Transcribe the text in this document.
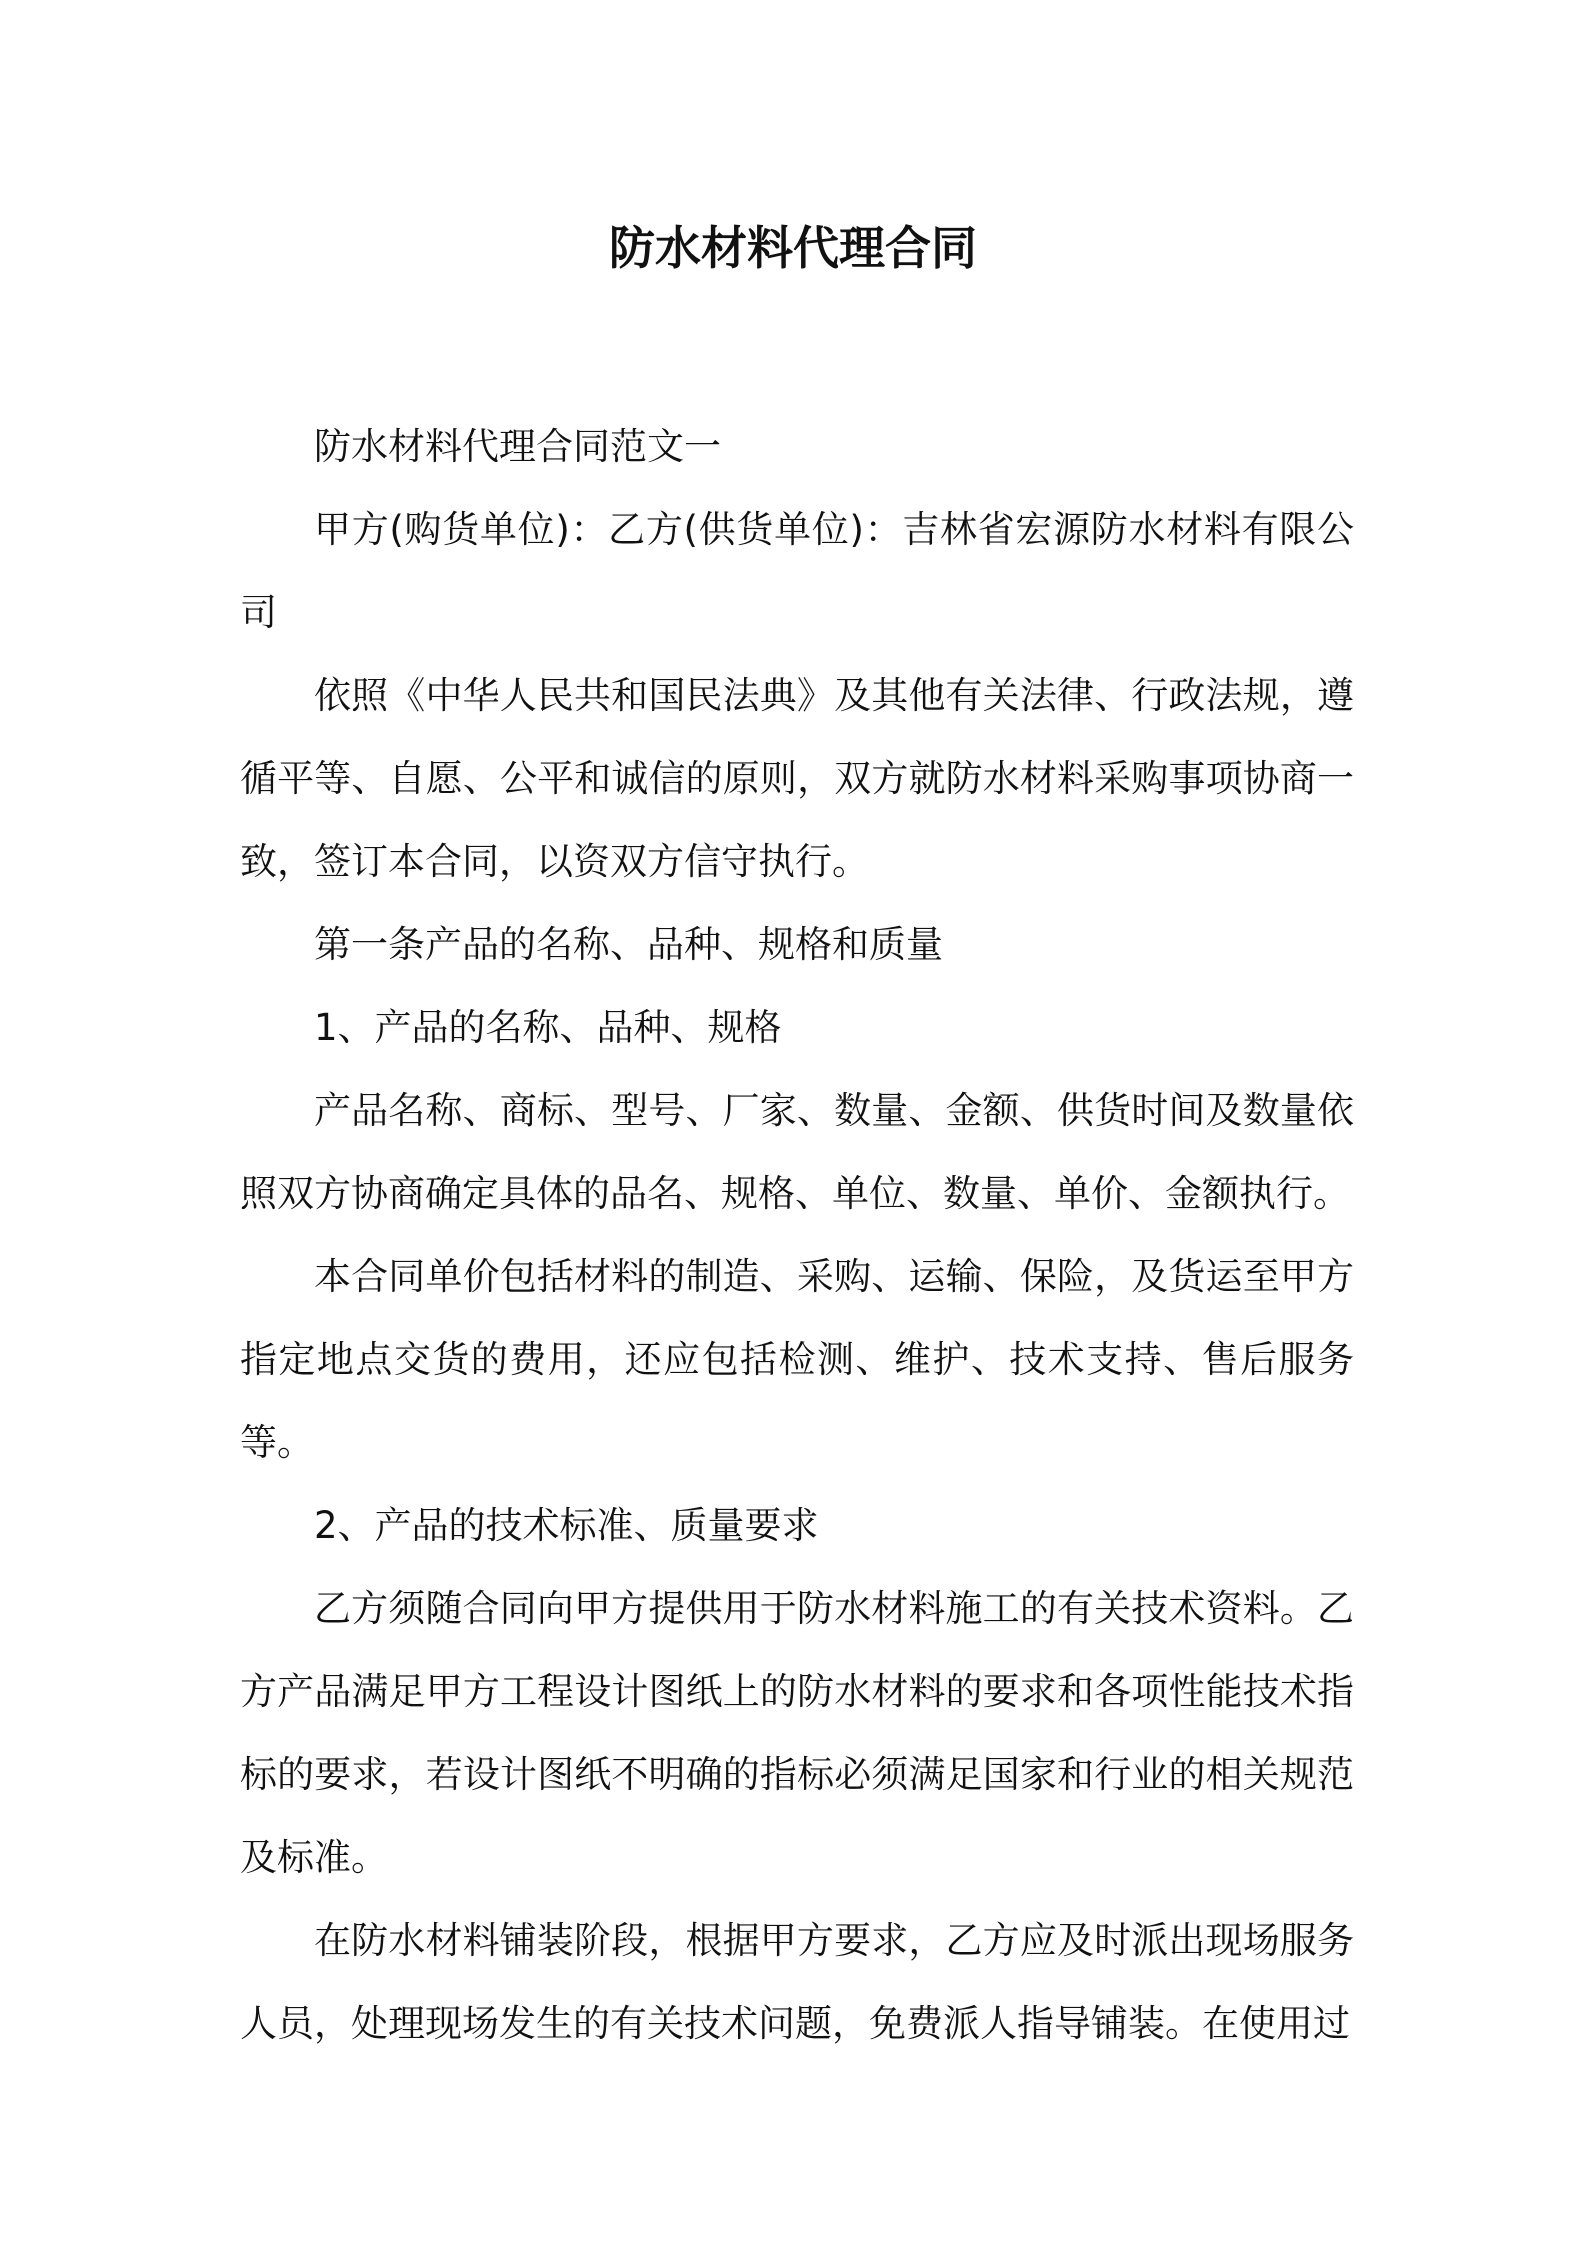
防水材料代理合同

防水材料代理合同范文一

甲方(购货单位)：乙方(供货单位)：吉林省宏源防水材料有限公司

依照《中华人民共和国民法典》及其他有关法律、行政法规，遵循平等、自愿、公平和诚信的原则，双方就防水材料采购事项协商一致，签订本合同，以资双方信守执行。

第一条产品的名称、品种、规格和质量

1、产品的名称、品种、规格

产品名称、商标、型号、厂家、数量、金额、供货时间及数量依照双方协商确定具体的品名、规格、单位、数量、单价、金额执行。

本合同单价包括材料的制造、采购、运输、保险，及货运至甲方指定地点交货的费用，还应包括检测、维护、技术支持、售后服务等。

2、产品的技术标准、质量要求

乙方须随合同向甲方提供用于防水材料施工的有关技术资料。乙方产品满足甲方工程设计图纸上的防水材料的要求和各项性能技术指标的要求，若设计图纸不明确的指标必须满足国家和行业的相关规范及标准。

在防水材料铺装阶段，根据甲方要求，乙方应及时派出现场服务人员，处理现场发生的有关技术问题，免费派人指导铺装。在使用过
